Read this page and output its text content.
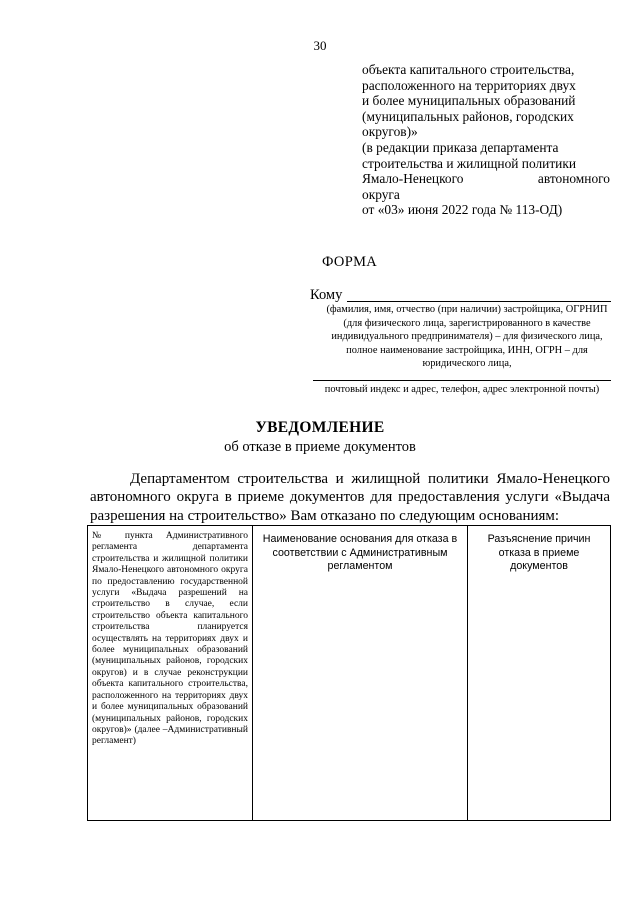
30
объекта капитального строительства,
расположенного на территориях двух
и более муниципальных образований
(муниципальных районов, городских
округов)»
(в редакции приказа департамента
строительства и жилищной политики
Ямало-Ненецкого автономного
округа
от «03» июня 2022 года № 113-ОД)
ФОРМА
Кому
(фамилия, имя, отчество (при наличии) застройщика, ОГРНИП (для физического лица, зарегистрированного в качестве индивидуального предпринимателя) – для физического лица, полное наименование застройщика, ИНН, ОГРН – для юридического лица,
почтовый индекс и адрес, телефон, адрес электронной почты)
УВЕДОМЛЕНИЕ
об отказе в приеме документов
Департаментом строительства и жилищной политики Ямало-Ненецкого автономного округа в приеме документов для предоставления услуги «Выдача разрешения на строительство» Вам отказано по следующим основаниям:
№ пункта Административного регламента департамента строительства и жилищной политики Ямало-Ненецкого автономного округа по предоставлению государственной услуги «Выдача разрешений на строительство в случае, если строительство объекта капитального строительства планируется осуществлять на территориях двух и более муниципальных образований (муниципальных районов, городских округов) и в случае реконструкции объекта капитального строительства, расположенного на территориях двух и более муниципальных образований (муниципальных районов, городских округов)» (далее –Административный регламент)
Наименование основания для отказа в соответствии с Административным регламентом
Разъяснение причин отказа в приеме документов
